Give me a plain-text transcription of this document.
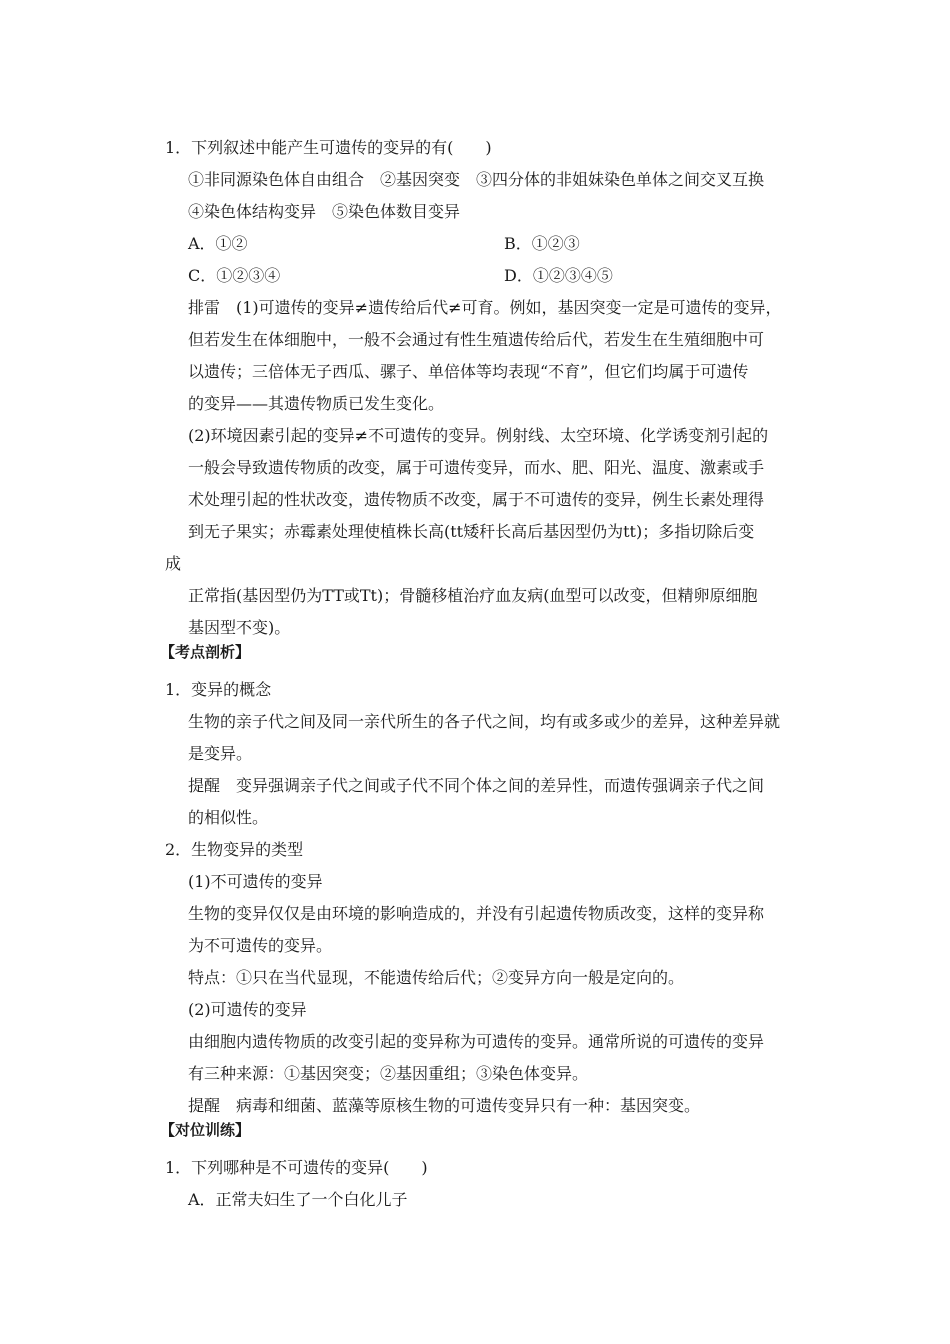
1．下列叙述中能产生可遗传的变异的有(　　)
①非同源染色体自由组合　②基因突变　③四分体的非姐妹染色单体之间交叉互换
④染色体结构变异　⑤染色体数目变异
A．①②	B．①②③
C．①②③④	D．①②③④⑤
排雷　(1)可遗传的变异≠遗传给后代≠可育。例如，基因突变一定是可遗传的变异，
但若发生在体细胞中，一般不会通过有性生殖遗传给后代，若发生在生殖细胞中可
以遗传；三倍体无子西瓜、骡子、单倍体等均表现“不育”，但它们均属于可遗传
的变异——其遗传物质已发生变化。
(2)环境因素引起的变异≠不可遗传的变异。例射线、太空环境、化学诱变剂引起的
一般会导致遗传物质的改变，属于可遗传变异，而水、肥、阳光、温度、激素或手
术处理引起的性状改变，遗传物质不改变，属于不可遗传的变异，例生长素处理得
到无子果实；赤霉素处理使植株长高(tt矮秆长高后基因型仍为tt)；多指切除后变
成
正常指(基因型仍为TT或Tt)；骨髓移植治疗血友病(血型可以改变，但精卵原细胞
基因型不变)。
【考点剖析】
1．变异的概念
生物的亲子代之间及同一亲代所生的各子代之间，均有或多或少的差异，这种差异就
是变异。
提醒　变异强调亲子代之间或子代不同个体之间的差异性，而遗传强调亲子代之间
的相似性。
2．生物变异的类型
(1)不可遗传的变异
生物的变异仅仅是由环境的影响造成的，并没有引起遗传物质改变，这样的变异称
为不可遗传的变异。
特点：①只在当代显现，不能遗传给后代；②变异方向一般是定向的。
(2)可遗传的变异
由细胞内遗传物质的改变引起的变异称为可遗传的变异。通常所说的可遗传的变异
有三种来源：①基因突变；②基因重组；③染色体变异。
提醒　病毒和细菌、蓝藻等原核生物的可遗传变异只有一种：基因突变。
【对位训练】
1．下列哪种是不可遗传的变异(　　)
A．正常夫妇生了一个白化儿子
